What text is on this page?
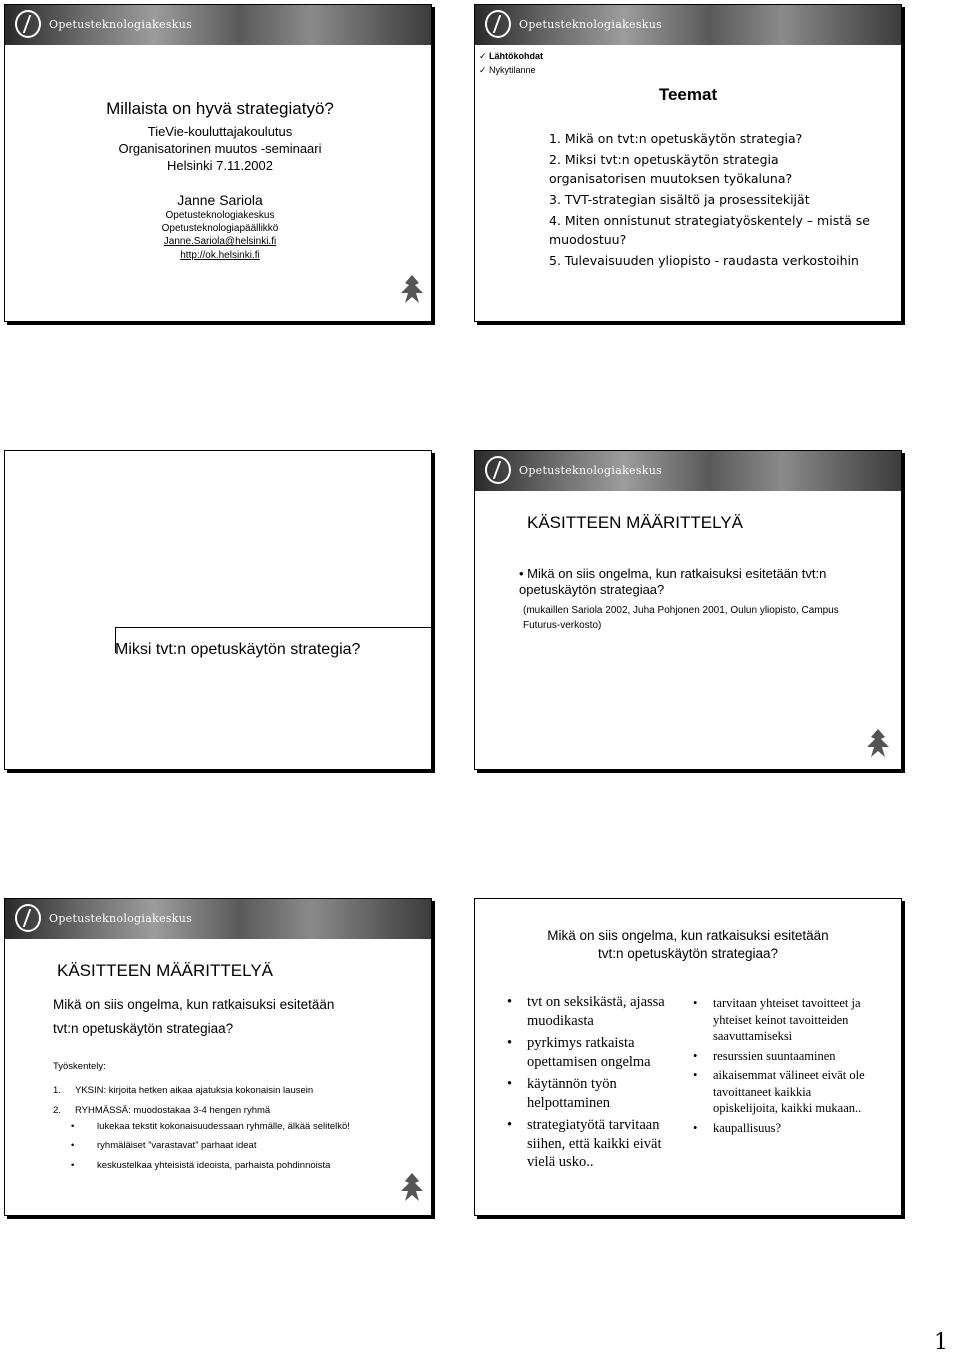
Opetusteknologiakeskus
Millaista on hyvä strategiatyö?
TieVie-kouluttajakoulutus
Organisatorinen muutos -seminaari
Helsinki 7.11.2002
Janne Sariola
Opetusteknologiakeskus
Opetusteknologiapäällikkö
Janne.Sariola@helsinki.fi
http://ok.helsinki.fi
Opetusteknologiakeskus
✓ Lähtökohdat
✓ Nykytilanne
Teemat
1. Mikä on tvt:n opetuskäytön strategia?
2. Miksi tvt:n opetuskäytön strategia organisatorisen muutoksen työkaluna?
3. TVT-strategian sisältö ja prosessitekijät
4. Miten onnistunut strategiatyöskentely – mistä se muodostuu?
5. Tulevaisuuden yliopisto - raudasta verkostoihin
Miksi tvt:n opetuskäytön strategia?
Opetusteknologiakeskus
KÄSITTEEN MÄÄRITTELYÄ
• Mikä on siis ongelma, kun ratkaisuksi esitetään tvt:n opetuskäytön strategiaa?
(mukaillen Sariola 2002, Juha Pohjonen 2001, Oulun yliopisto, Campus Futurus-verkosto)
Opetusteknologiakeskus
KÄSITTEEN MÄÄRITTELYÄ
Mikä on siis ongelma, kun ratkaisuksi esitetään
tvt:n opetuskäytön strategiaa?
Työskentely:
1. YKSIN: kirjoita hetken aikaa ajatuksia kokonaisin lausein
2. RYHMÄSSÄ: muodostakaa 3-4 hengen ryhmä
• lukekaa tekstit kokonaisuudessaan ryhmälle, älkää selitelkö!
• ryhmäläiset ”varastavat” parhaat ideat
• keskustelkaa yhteisistä ideoista, parhaista pohdinnoista
Mikä on siis ongelma, kun ratkaisuksi esitetään
tvt:n opetuskäytön strategiaa?
•	tvt on seksikästä, ajassa muodikasta
•	pyrkimys ratkaista opettamisen ongelma
•	käytännön työn helpottaminen
•	strategiatyötä tarvitaan siihen, että kaikki eivät vielä usko..
•	tarvitaan yhteiset tavoitteet ja yhteiset keinot tavoitteiden saavuttamiseksi
•	resurssien suuntaaminen
•	aikaisemmat välineet eivät ole tavoittaneet kaikkia opiskelijoita, kaikki mukaan..
•	kaupallisuus?
1
